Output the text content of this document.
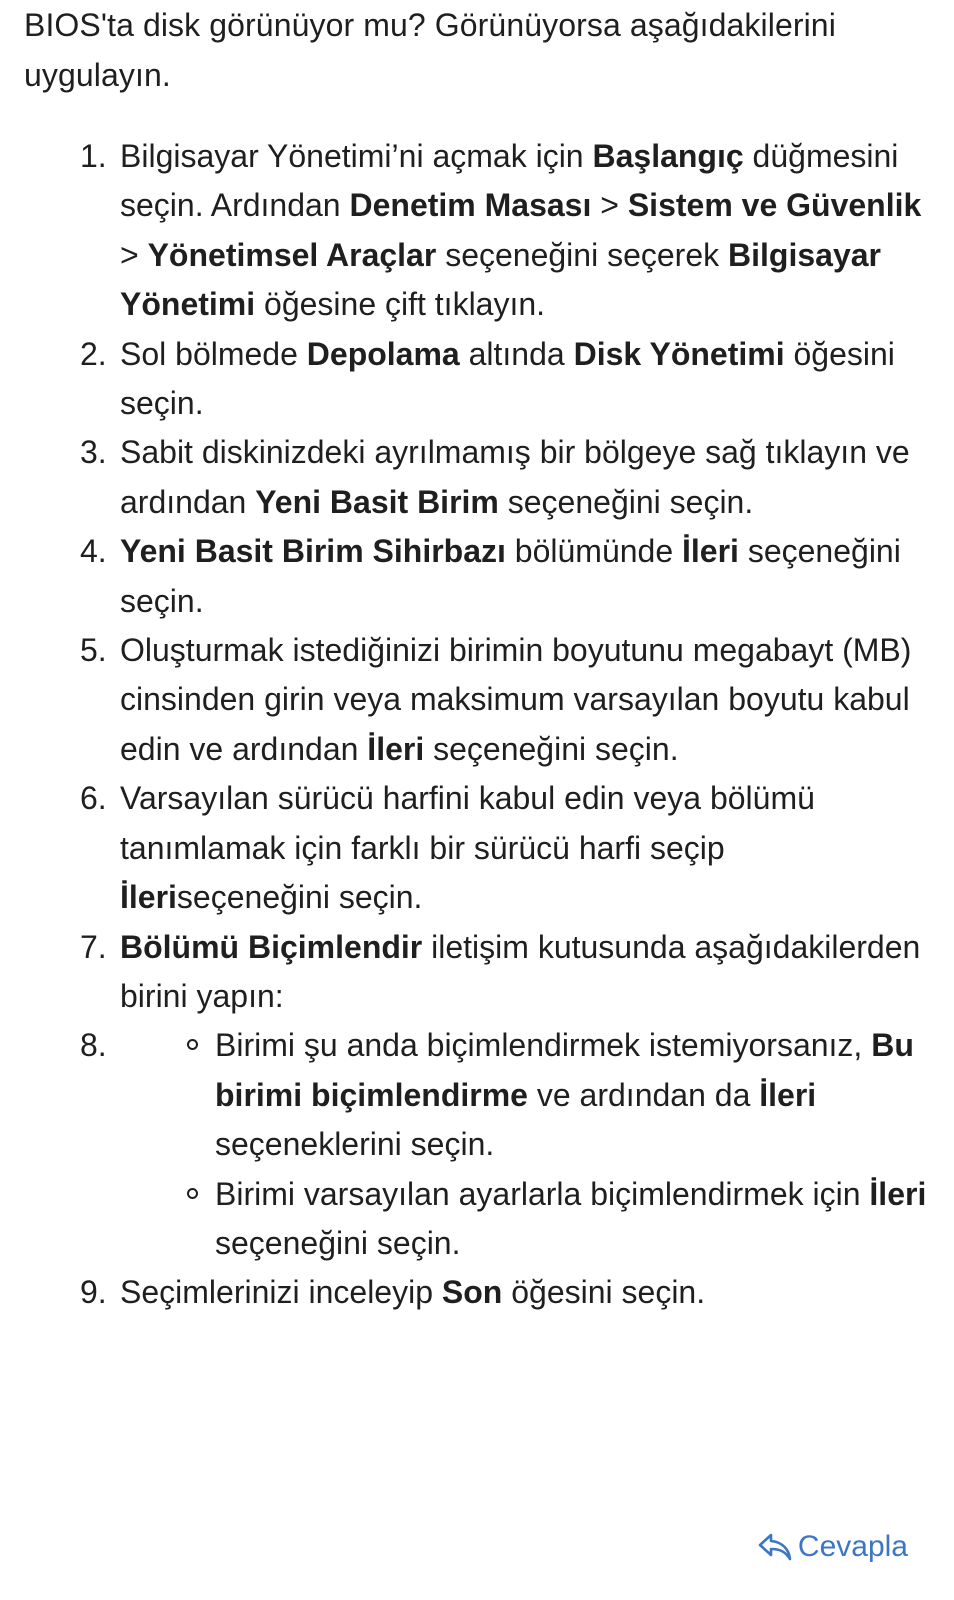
BIOS'ta disk görünüyor mu? Görünüyorsa aşağıdakilerini uygulayın.

1. Bilgisayar Yönetimi’ni açmak için Başlangıç düğmesini seçin. Ardından Denetim Masası > Sistem ve Güvenlik > Yönetimsel Araçlar seçeneğini seçerek Bilgisayar Yönetimi öğesine çift tıklayın.
2. Sol bölmede Depolama altında Disk Yönetimi öğesini seçin.
3. Sabit diskinizdeki ayrılmamış bir bölgeye sağ tıklayın ve ardından Yeni Basit Birim seçeneğini seçin.
4. Yeni Basit Birim Sihirbazı bölümünde İleri seçeneğini seçin.
5. Oluşturmak istediğinizi birimin boyutunu megabayt (MB) cinsinden girin veya maksimum varsayılan boyutu kabul edin ve ardından İleri seçeneğini seçin.
6. Varsayılan sürücü harfini kabul edin veya bölümü tanımlamak için farklı bir sürücü harfi seçip İleriseçeneğini seçin.
7. Bölümü Biçimlendir iletişim kutusunda aşağıdakilerden birini yapın:
8.	Birimi şu anda biçimlendirmek istemiyorsanız, Bu birimi biçimlendirme ve ardından da İleri seçeneklerini seçin.
Birimi varsayılan ayarlarla biçimlendirmek için İleri seçeneğini seçin.
9. Seçimlerinizi inceleyip Son öğesini seçin.
Cevapla
